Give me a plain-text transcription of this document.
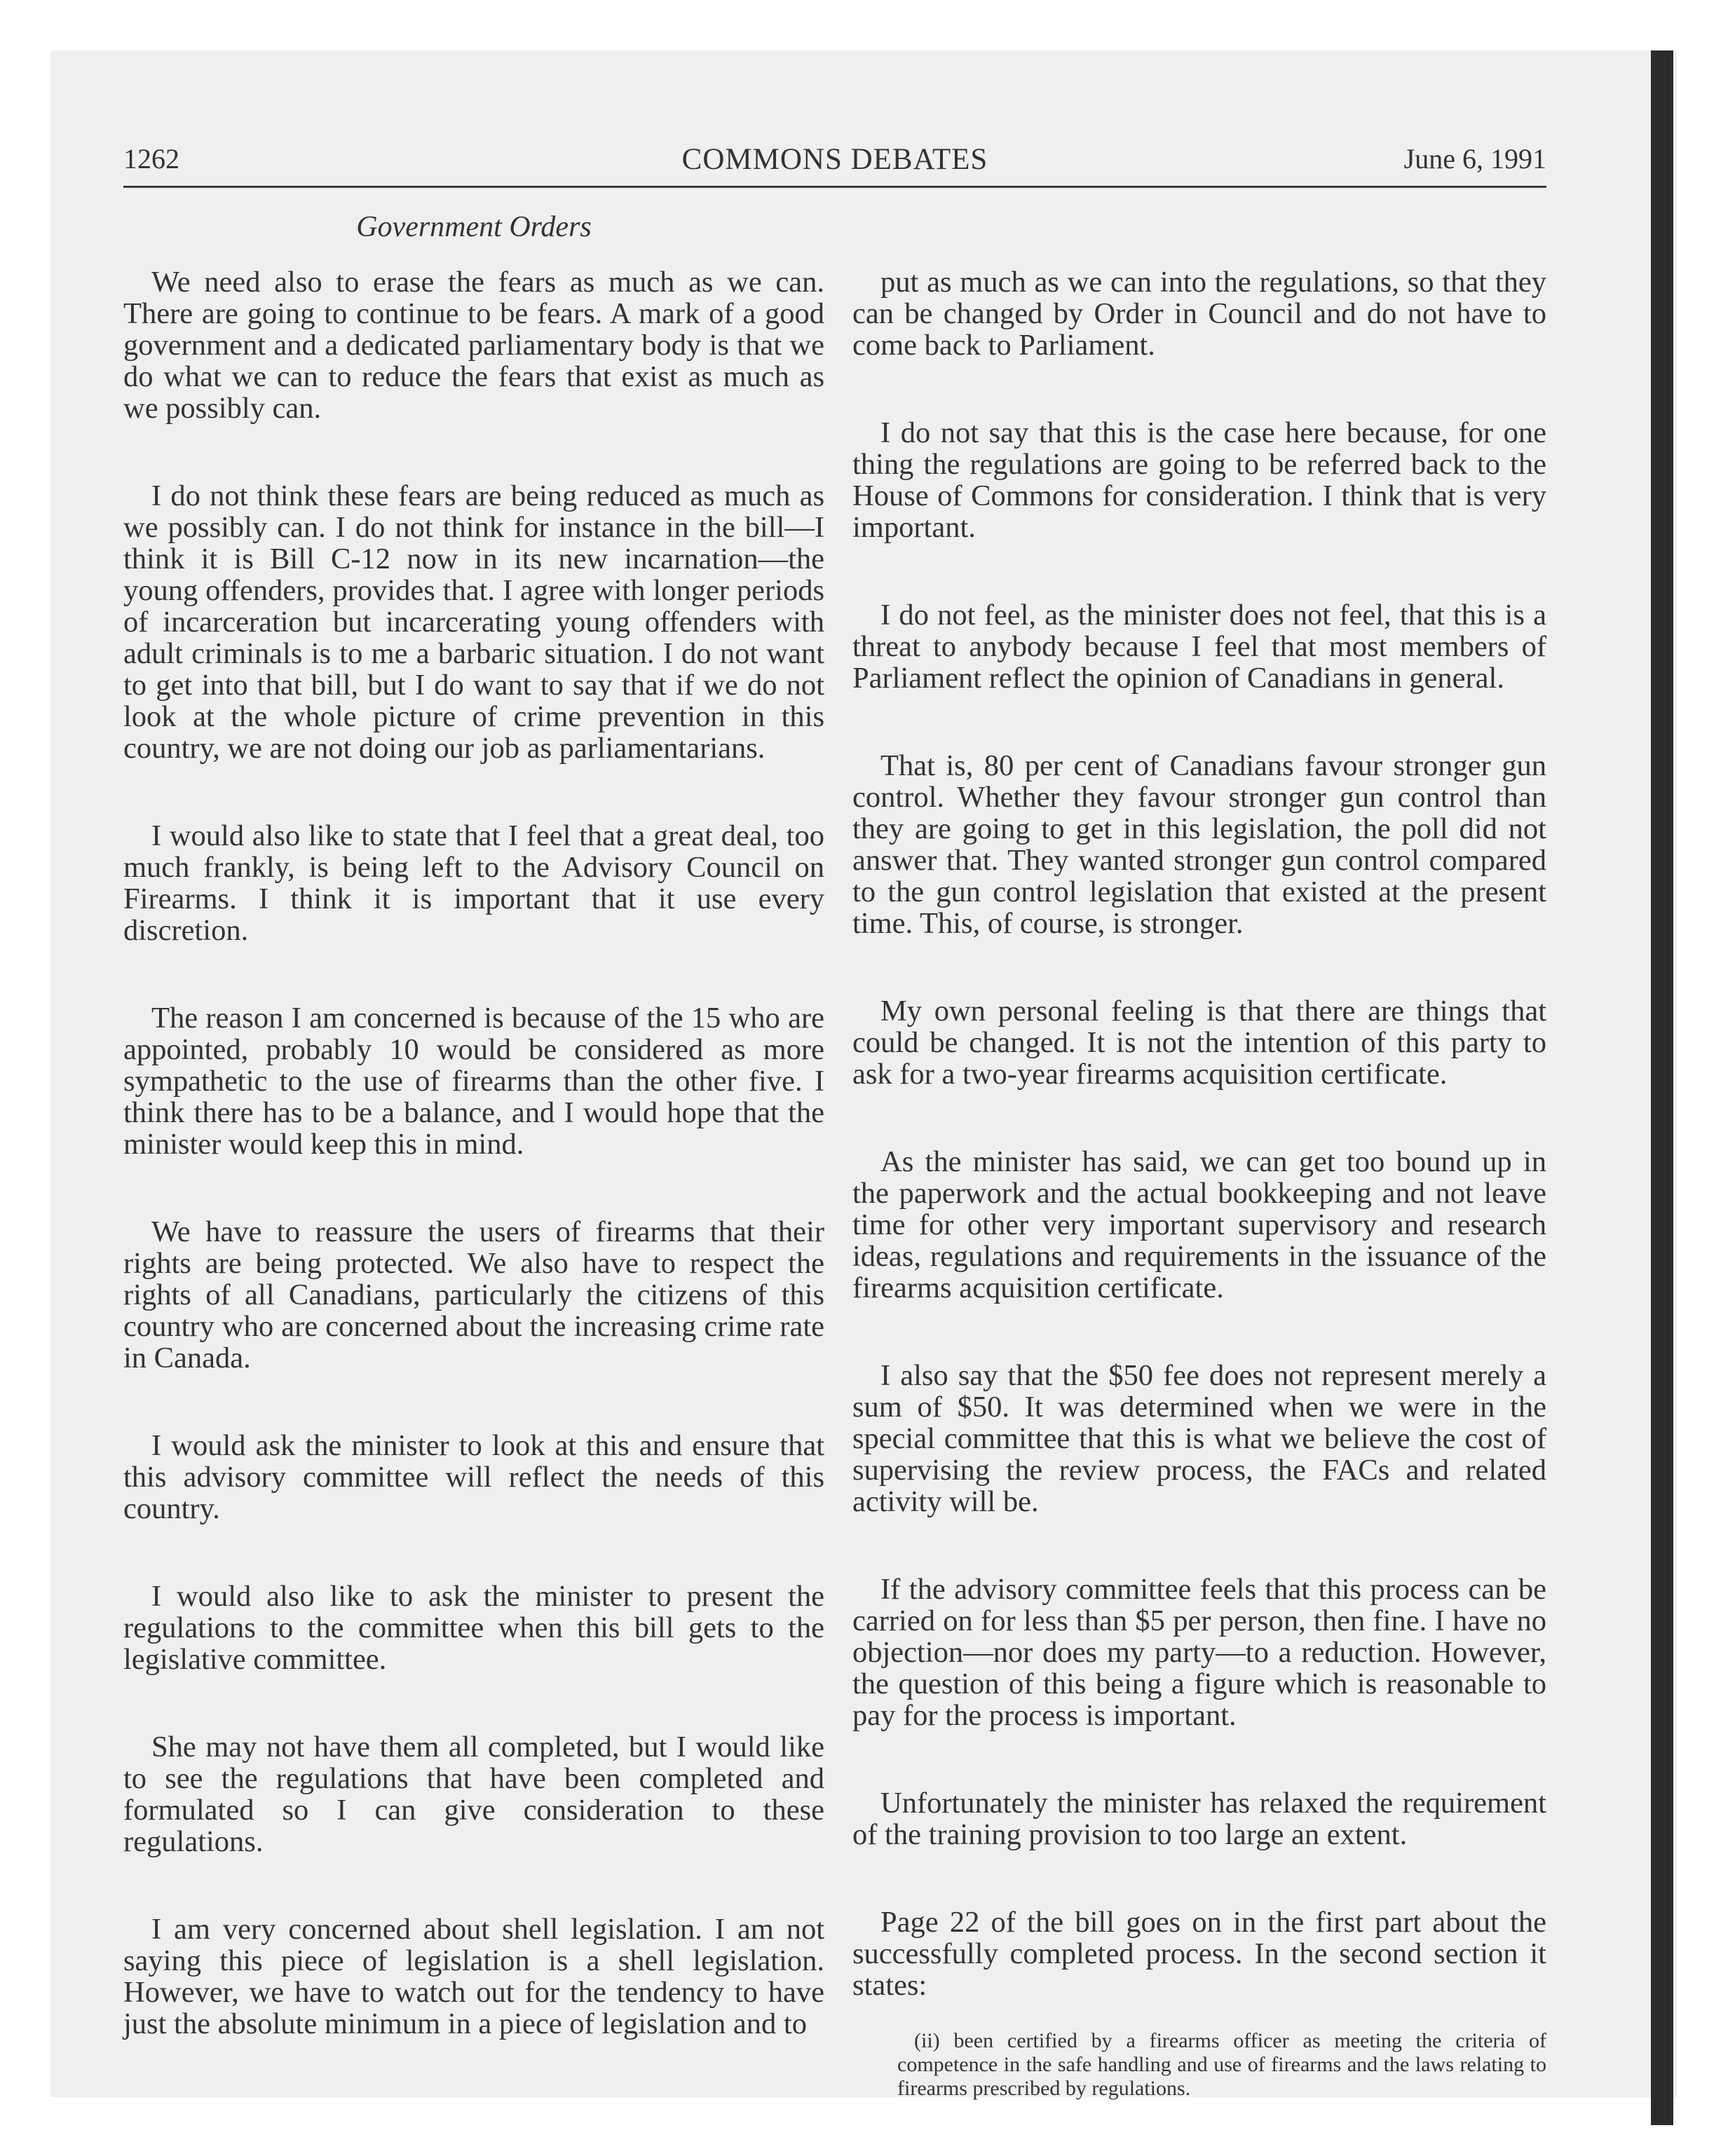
1262	COMMONS DEBATES	June 6, 1991
Government Orders

We need also to erase the fears as much as we can. There are going to continue to be fears. A mark of a good government and a dedicated parliamentary body is that we do what we can to reduce the fears that exist as much as we possibly can.

I do not think these fears are being reduced as much as we possibly can. I do not think for instance in the bill—I think it is Bill C-12 now in its new incarnation—the young offenders, provides that. I agree with longer periods of incarceration but incarcerating young offenders with adult criminals is to me a barbaric situation. I do not want to get into that bill, but I do want to say that if we do not look at the whole picture of crime prevention in this country, we are not doing our job as parliamentarians.

I would also like to state that I feel that a great deal, too much frankly, is being left to the Advisory Council on Firearms. I think it is important that it use every discretion.

The reason I am concerned is because of the 15 who are appointed, probably 10 would be considered as more sympathetic to the use of firearms than the other five. I think there has to be a balance, and I would hope that the minister would keep this in mind.

We have to reassure the users of firearms that their rights are being protected. We also have to respect the rights of all Canadians, particularly the citizens of this country who are concerned about the increasing crime rate in Canada.

I would ask the minister to look at this and ensure that this advisory committee will reflect the needs of this country.

I would also like to ask the minister to present the regulations to the committee when this bill gets to the legislative committee.

She may not have them all completed, but I would like to see the regulations that have been completed and formulated so I can give consideration to these regulations.

I am very concerned about shell legislation. I am not saying this piece of legislation is a shell legislation. However, we have to watch out for the tendency to have just the absolute minimum in a piece of legislation and to

put as much as we can into the regulations, so that they can be changed by Order in Council and do not have to come back to Parliament.

I do not say that this is the case here because, for one thing the regulations are going to be referred back to the House of Commons for consideration. I think that is very important.

I do not feel, as the minister does not feel, that this is a threat to anybody because I feel that most members of Parliament reflect the opinion of Canadians in general.

That is, 80 per cent of Canadians favour stronger gun control. Whether they favour stronger gun control than they are going to get in this legislation, the poll did not answer that. They wanted stronger gun control compared to the gun control legislation that existed at the present time. This, of course, is stronger.

My own personal feeling is that there are things that could be changed. It is not the intention of this party to ask for a two-year firearms acquisition certificate.

As the minister has said, we can get too bound up in the paperwork and the actual bookkeeping and not leave time for other very important supervisory and research ideas, regulations and requirements in the issuance of the firearms acquisition certificate.

I also say that the $50 fee does not represent merely a sum of $50. It was determined when we were in the special committee that this is what we believe the cost of supervising the review process, the FACs and related activity will be.

If the advisory committee feels that this process can be carried on for less than $5 per person, then fine. I have no objection—nor does my party—to a reduction. However, the question of this being a figure which is reasonable to pay for the process is important.

Unfortunately the minister has relaxed the requirement of the training provision to too large an extent.

Page 22 of the bill goes on in the first part about the successfully completed process. In the second section it states:

(ii) been certified by a firearms officer as meeting the criteria of competence in the safe handling and use of firearms and the laws relating to firearms prescribed by regulations.
